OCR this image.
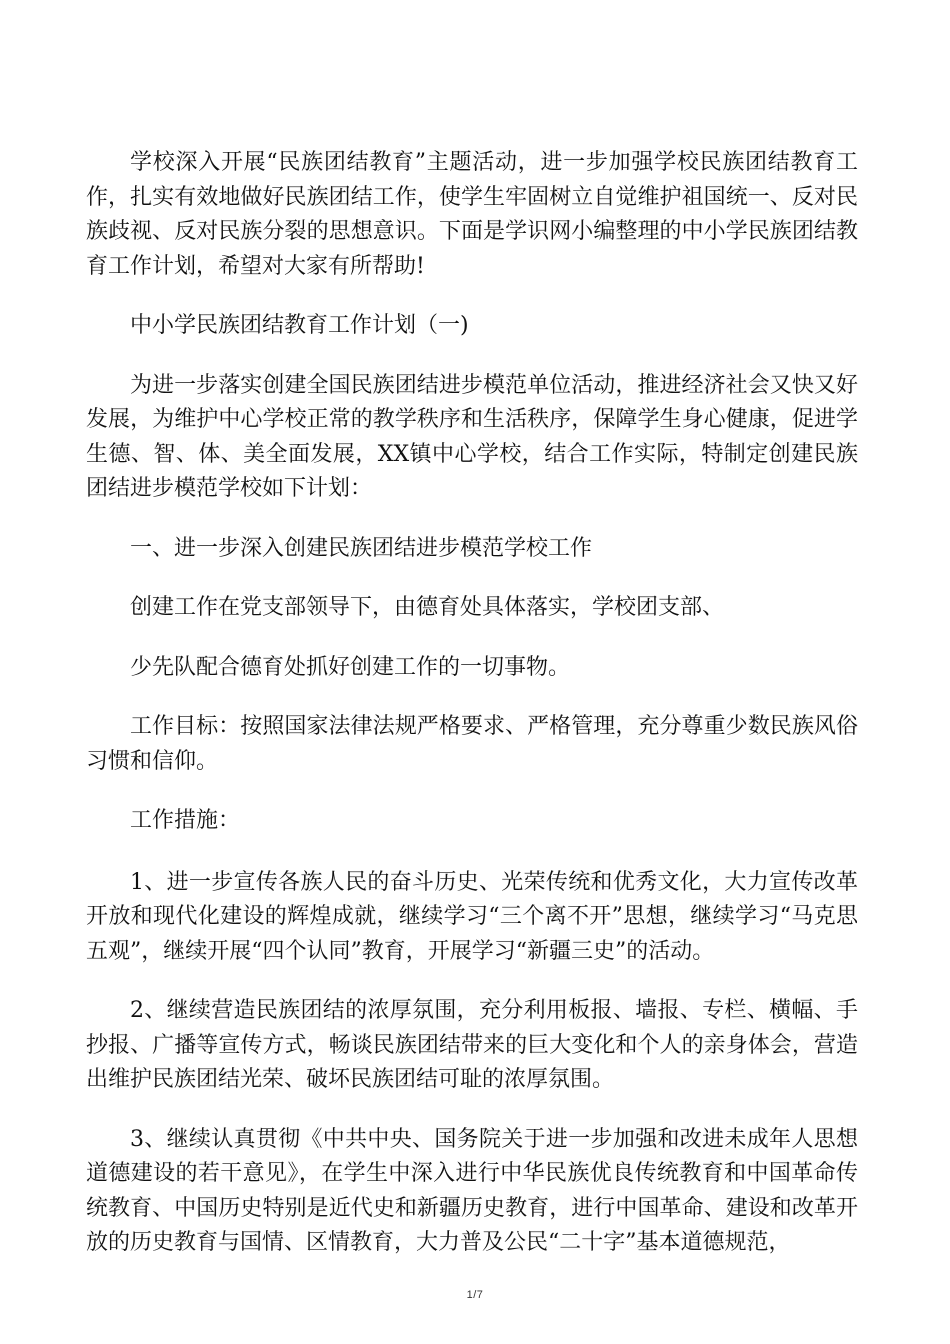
学校深入开展“民族团结教育”主题活动，进一步加强学校民族团结教育工作，扎实有效地做好民族团结工作，使学生牢固树立自觉维护祖国统一、反对民族歧视、反对民族分裂的思想意识。下面是学识网小编整理的中小学民族团结教育工作计划，希望对大家有所帮助!

中小学民族团结教育工作计划（一)

为进一步落实创建全国民族团结进步模范单位活动，推进经济社会又快又好发展，为维护中心学校正常的教学秩序和生活秩序，保障学生身心健康，促进学生德、智、体、美全面发展，XX镇中心学校，结合工作实际，特制定创建民族团结进步模范学校如下计划：

一、进一步深入创建民族团结进步模范学校工作

创建工作在党支部领导下，由德育处具体落实，学校团支部、

少先队配合德育处抓好创建工作的一切事物。

工作目标：按照国家法律法规严格要求、严格管理，充分尊重少数民族风俗习惯和信仰。

工作措施：

1、进一步宣传各族人民的奋斗历史、光荣传统和优秀文化，大力宣传改革开放和现代化建设的辉煌成就，继续学习“三个离不开”思想，继续学习“马克思五观”，继续开展“四个认同”教育，开展学习“新疆三史”的活动。

2、继续营造民族团结的浓厚氛围，充分利用板报、墙报、专栏、横幅、手抄报、广播等宣传方式，畅谈民族团结带来的巨大变化和个人的亲身体会，营造出维护民族团结光荣、破坏民族团结可耻的浓厚氛围。

3、继续认真贯彻《中共中央、国务院关于进一步加强和改进未成年人思想道德建设的若干意见》，在学生中深入进行中华民族优良传统教育和中国革命传统教育、中国历史特别是近代史和新疆历史教育，进行中国革命、建设和改革开放的历史教育与国情、区情教育，大力普及公民“二十字”基本道德规范，

1/7
